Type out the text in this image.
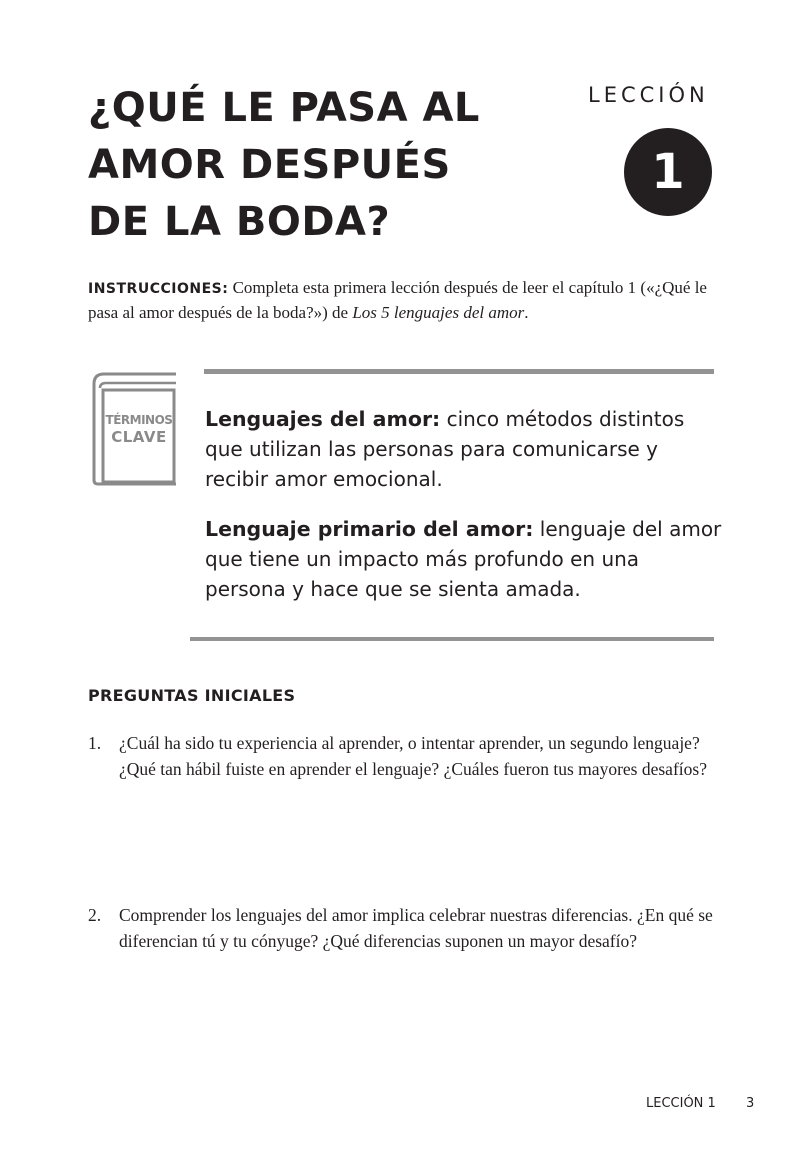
¿QUÉ LE PASA AL
AMOR DESPUÉS
DE LA BODA?
LECCIÓN
1
INSTRUCCIONES: Completa esta primera lección después de leer el capítulo 1 («¿Qué le pasa al amor después de la boda?») de Los 5 lenguajes del amor.
TÉRMINOS
CLAVE

Lenguajes del amor: cinco métodos distintos que utilizan las personas para comunicarse y recibir amor emocional.

Lenguaje primario del amor: lenguaje del amor que tiene un impacto más profundo en una persona y hace que se sienta amada.

PREGUNTAS INICIALES
1. ¿Cuál ha sido tu experiencia al aprender, o intentar aprender, un segundo lenguaje? ¿Qué tan hábil fuiste en aprender el lenguaje? ¿Cuáles fueron tus mayores desafíos?
2. Comprender los lenguajes del amor implica celebrar nuestras diferencias. ¿En qué se diferencian tú y tu cónyuge? ¿Qué diferencias suponen un mayor desafío?
LECCIÓN 1 3
